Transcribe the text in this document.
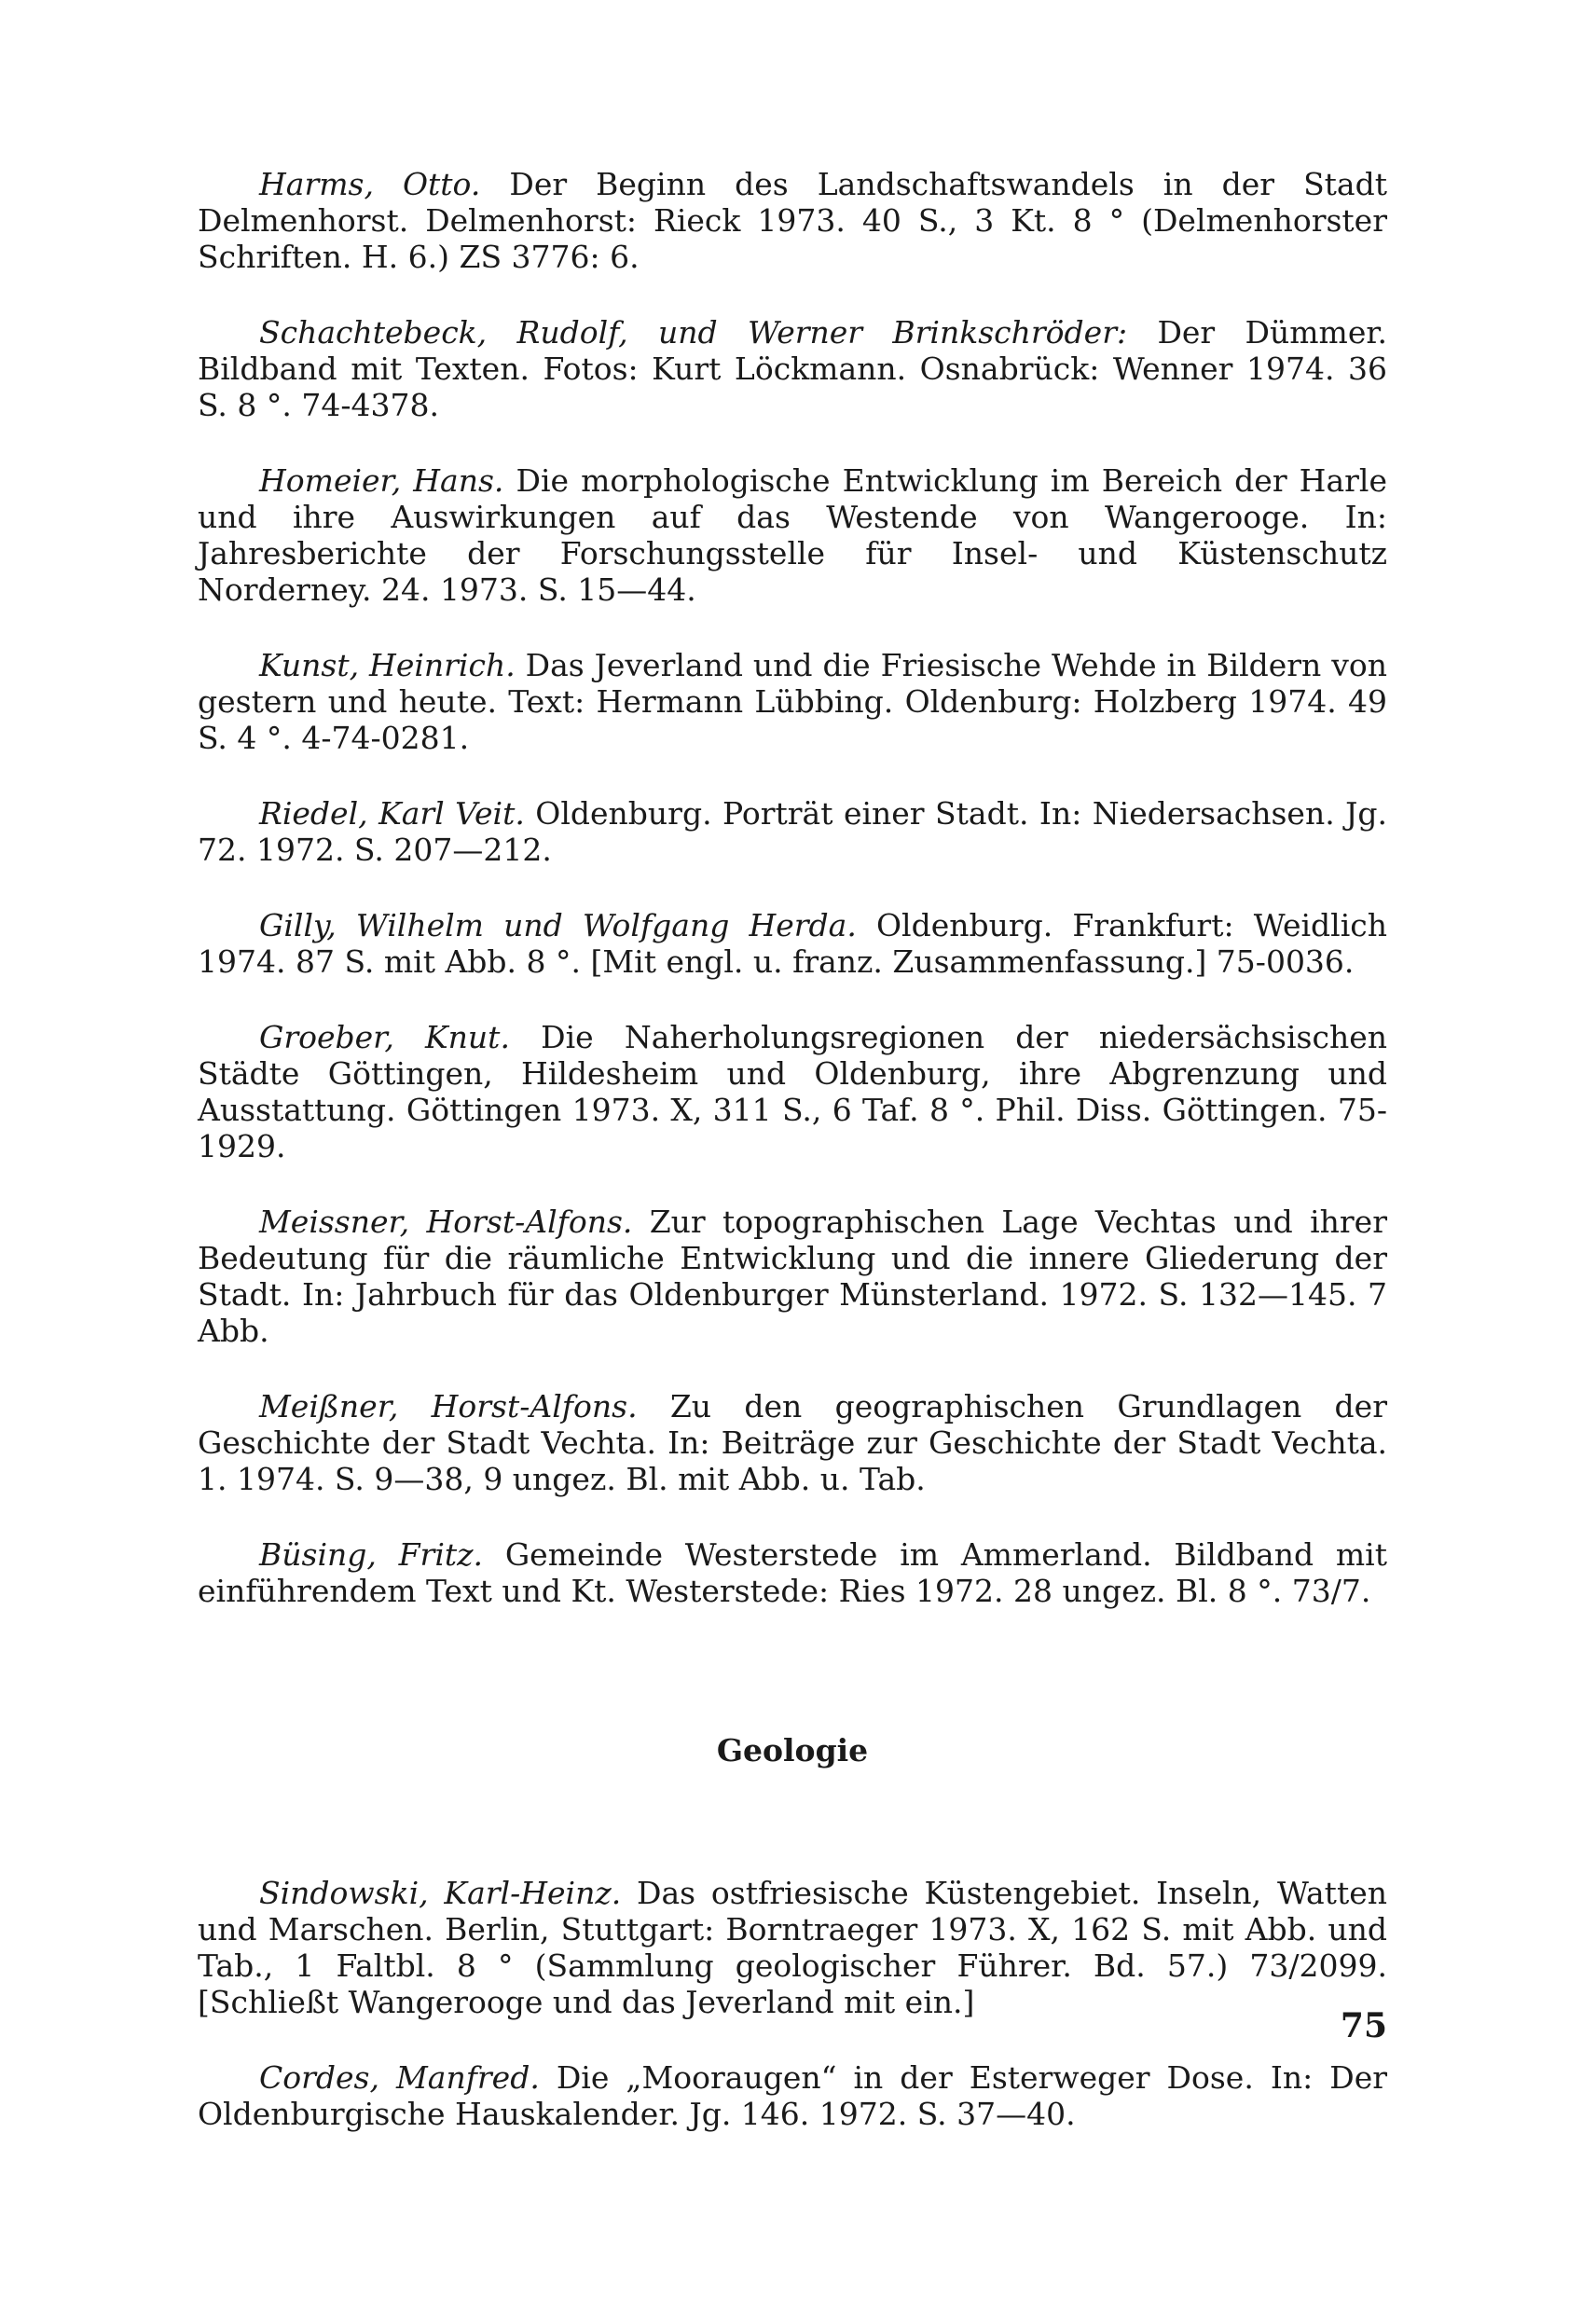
Harms, Otto. Der Beginn des Landschaftswandels in der Stadt Delmenhorst. Delmenhorst: Rieck 1973. 40 S., 3 Kt. 8 ° (Delmenhorster Schriften. H. 6.) ZS 3776: 6.

Schachtebeck, Rudolf, und Werner Brinkschröder: Der Dümmer. Bildband mit Texten. Fotos: Kurt Löckmann. Osnabrück: Wenner 1974. 36 S. 8 °. 74-4378.

Homeier, Hans. Die morphologische Entwicklung im Bereich der Harle und ihre Auswirkungen auf das Westende von Wangerooge. In: Jahresberichte der Forschungsstelle für Insel- und Küstenschutz Norderney. 24. 1973. S. 15—44.

Kunst, Heinrich. Das Jeverland und die Friesische Wehde in Bildern von gestern und heute. Text: Hermann Lübbing. Oldenburg: Holzberg 1974. 49 S. 4 °. 4-74-0281.

Riedel, Karl Veit. Oldenburg. Porträt einer Stadt. In: Niedersachsen. Jg. 72. 1972. S. 207—212.

Gilly, Wilhelm und Wolfgang Herda. Oldenburg. Frankfurt: Weidlich 1974. 87 S. mit Abb. 8 °. [Mit engl. u. franz. Zusammenfassung.] 75-0036.

Groeber, Knut. Die Naherholungsregionen der niedersächsischen Städte Göttingen, Hildesheim und Oldenburg, ihre Abgrenzung und Ausstattung. Göttingen 1973. X, 311 S., 6 Taf. 8 °. Phil. Diss. Göttingen. 75-1929.

Meissner, Horst-Alfons. Zur topographischen Lage Vechtas und ihrer Bedeutung für die räumliche Entwicklung und die innere Gliederung der Stadt. In: Jahrbuch für das Oldenburger Münsterland. 1972. S. 132—145. 7 Abb.

Meißner, Horst-Alfons. Zu den geographischen Grundlagen der Geschichte der Stadt Vechta. In: Beiträge zur Geschichte der Stadt Vechta. 1. 1974. S. 9—38, 9 ungez. Bl. mit Abb. u. Tab.

Büsing, Fritz. Gemeinde Westerstede im Ammerland. Bildband mit einführendem Text und Kt. Westerstede: Ries 1972. 28 ungez. Bl. 8 °. 73/7.

Geologie

Sindowski, Karl-Heinz. Das ostfriesische Küstengebiet. Inseln, Watten und Marschen. Berlin, Stuttgart: Borntraeger 1973. X, 162 S. mit Abb. und Tab., 1 Faltbl. 8 ° (Sammlung geologischer Führer. Bd. 57.) 73/2099. [Schließt Wangerooge und das Jeverland mit ein.]

Cordes, Manfred. Die „Mooraugen“ in der Esterweger Dose. In: Der Oldenburgische Hauskalender. Jg. 146. 1972. S. 37—40.

75
